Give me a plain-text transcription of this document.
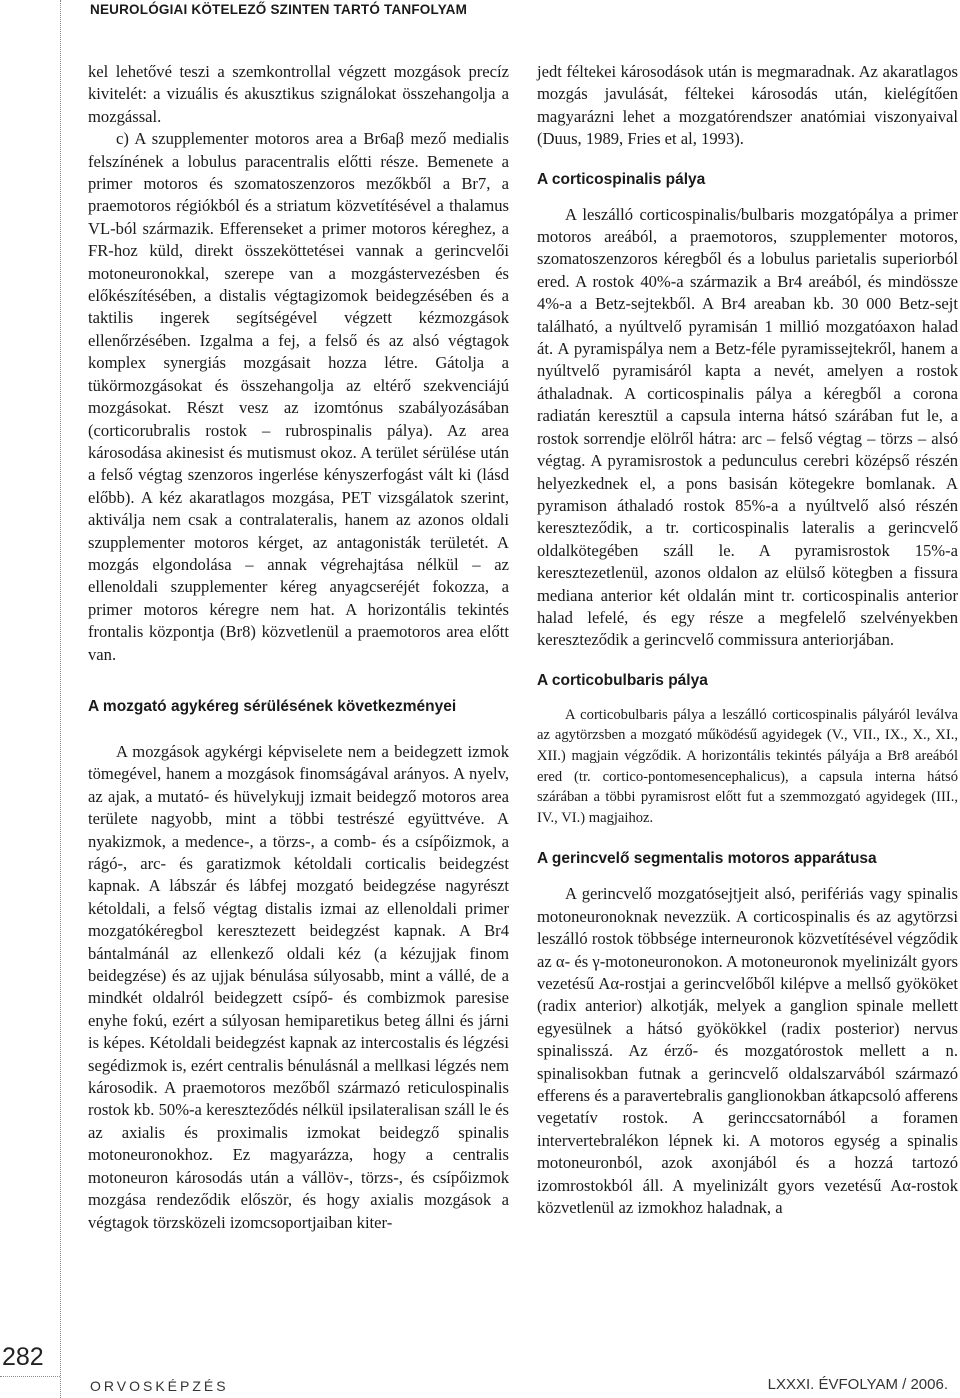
NEUROLÓGIAI KÖTELEZŐ SZINTEN TARTÓ TANFOLYAM
282

kel lehetővé teszi a szemkontrollal végzett mozgások precíz kivitelét: a vizuális és akusztikus szignálokat összehangolja a mozgással.

c) A szupplementer motoros area a Br6aβ mező medialis felszínének a lobulus paracentralis előtti része. Bemenete a primer motoros és szomatoszenzoros mezőkből a Br7, a praemotoros régiókból és a striatum közvetítésével a thalamus VL-ból származik. Efferenseket a primer motoros kéreghez, a FR-hoz küld, direkt összeköttetései vannak a gerincvelői motoneuronokkal, szerepe van a mozgástervezésben és előkészítésében, a distalis végtagizomok beidegzésében és a taktilis ingerek segítségével végzett kézmozgások ellenőrzésében. Izgalma a fej, a felső és az alsó végtagok komplex synergiás mozgásait hozza létre. Gátolja a tükörmozgásokat és összehangolja az eltérő szekvenciájú mozgásokat. Részt vesz az izomtónus szabályozásában (corticorubralis rostok – rubrospinalis pálya). Az area károsodása akinesist és mutismust okoz. A terület sérülése után a felső végtag szenzoros ingerlése kényszerfogást vált ki (lásd előbb). A kéz akaratlagos mozgása, PET vizsgálatok szerint, aktiválja nem csak a contralateralis, hanem az azonos oldali szupplementer motoros kérget, az antagonisták területét. A mozgás elgondolása – annak végrehajtása nélkül – az ellenoldali szupplementer kéreg anyagcseréjét fokozza, a primer motoros kéregre nem hat. A horizontális tekintés frontalis központja (Br8) közvetlenül a praemotoros area előtt van.

A mozgató agykéreg sérülésének következményei

A mozgások agykérgi képviselete nem a beidegzett izmok tömegével, hanem a mozgások finomságával arányos. A nyelv, az ajak, a mutató- és hüvelykujj izmait beidegző motoros area területe nagyobb, mint a többi testrészé együttvéve. A nyakizmok, a medence-, a törzs-, a comb- és a csípőizmok, a rágó-, arc- és garatizmok kétoldali corticalis beidegzést kapnak. A lábszár és lábfej mozgató beidegzése nagyrészt kétoldali, a felső végtag distalis izmai az ellenoldali primer mozgatókéregbol keresztezett beidegzést kapnak. A Br4 bántalmánál az ellenkező oldali kéz (a kézujjak finom beidegzése) és az ujjak bénulása súlyosabb, mint a vállé, de a mindkét oldalról beidegzett csípő- és combizmok paresise enyhe fokú, ezért a súlyosan hemiparetikus beteg állni és járni is képes. Kétoldali beidegzést kapnak az intercostalis és légzési segédizmok is, ezért centralis bénulásnál a mellkasi légzés nem károsodik. A praemotoros mezőből származó reticulospinalis rostok kb. 50%-a kereszteződés nélkül ipsilateralisan száll le és az axialis és proximalis izmokat beidegző spinalis motoneuronokhoz. Ez magyarázza, hogy a centralis motoneuron károsodás után a vállöv-, törzs-, és csípőizmok mozgása rendeződik először, és hogy axialis mozgások a végtagok törzsközeli izomcsoportjaiban kiter-

jedt féltekei károsodások után is megmaradnak. Az akaratlagos mozgás javulását, féltekei károsodás után, kielégítően magyarázni lehet a mozgatórendszer anatómiai viszonyaival (Duus, 1989, Fries et al, 1993).

A corticospinalis pálya

A leszálló corticospinalis/bulbaris mozgatópálya a primer motoros areából, a praemotoros, szupplementer motoros, szomatoszenzoros kéregből és a lobulus parietalis superiorból ered. A rostok 40%-a származik a Br4 areából, és mindössze 4%-a a Betz-sejtekből. A Br4 areaban kb. 30 000 Betz-sejt található, a nyúltvelő pyramisán 1 millió mozgatóaxon halad át. A pyramispálya nem a Betz-féle pyramissejtekről, hanem a nyúltvelő pyramisáról kapta a nevét, amelyen a rostok áthaladnak. A corticospinalis pálya a kéregből a corona radiatán keresztül a capsula interna hátsó szárában fut le, a rostok sorrendje elölről hátra: arc – felső végtag – törzs – alsó végtag. A pyramisrostok a pedunculus cerebri középső részén helyezkednek el, a pons basisán kötegekre bomlanak. A pyramison áthaladó rostok 85%-a a nyúltvelő alsó részén kereszteződik, a tr. corticospinalis lateralis a gerincvelő oldalkötegében száll le. A pyramisrostok 15%-a keresztezetlenül, azonos oldalon az elülső kötegben a fissura mediana anterior két oldalán mint tr. corticospinalis anterior halad lefelé, és egy része a megfelelő szelvényekben kereszteződik a gerincvelő commissura anteriorjában.

A corticobulbaris pálya

A corticobulbaris pálya a leszálló corticospinalis pályáról leválva az agytörzsben a mozgató működésű agyidegek (V., VII., IX., X., XI., XII.) magjain végződik. A horizontális tekintés pályája a Br8 areából ered (tr. cortico-pontomesencephalicus), a capsula interna hátsó szárában a többi pyramisrost előtt fut a szemmozgató agyidegek (III., IV., VI.) magjaihoz.

A gerincvelő segmentalis motoros apparátusa

A gerincvelő mozgatósejtjeit alsó, perifériás vagy spinalis motoneuronoknak nevezzük. A corticospinalis és az agytörzsi leszálló rostok többsége interneuronok közvetítésével végződik az α- és γ-motoneuronokon. A motoneuronok myelinizált gyors vezetésű Aα-rostjai a gerincvelőből kilépve a mellső gyököket (radix anterior) alkotják, melyek a ganglion spinale mellett egyesülnek a hátsó gyökökkel (radix posterior) nervus spinalisszá. Az érző- és mozgatórostok mellett a n. spinalisokban futnak a gerincvelő oldalszarvából származó efferens és a paravertebralis ganglionokban átkapcsoló afferens vegetatív rostok. A gerinccsatornából a foramen intervertebralékon lépnek ki. A motoros egység a spinalis motoneuronból, azok axonjából és a hozzá tartozó izomrostokból áll. A myelinizált gyors vezetésű Aα-rostok közvetlenül az izmokhoz haladnak, a

ORVOSKÉPZÉS	LXXXI. ÉVFOLYAM / 2006.
